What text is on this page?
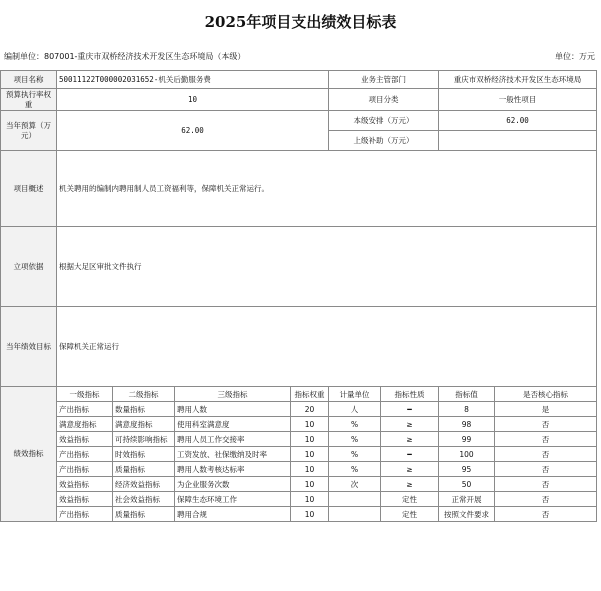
2025年项目支出绩效目标表
编制单位：807001-重庆市双桥经济技术开发区生态环境局（本级）	单位：万元
项目名称	50011122T000002031652-机关后勤服务费				业务主管部门		重庆市双桥经济技术开发区生态环境局	
预算执行率权重	10				项目分类		一般性项目	
当年预算（万元）	62.00				本级安排（万元）		62.00	
					上级补助（万元）			
项目概述	机关聘用的编制内聘用制人员工资福利等，保障机关正常运行。							
立项依据	根据大足区审批文件执行							
当年绩效目标	保障机关正常运行							
绩效指标	一级指标	二级指标	三级指标	指标权重	计量单位	指标性质	指标值	是否核心指标
	产出指标	数量指标	聘用人数	20	人	━	8	是
	满意度指标	满意度指标	使用科室满意度	10	%	≥	98	否
	效益指标	可持续影响指标	聘用人员工作交接率	10	%	≥	99	否
	产出指标	时效指标	工资发放、社保缴纳及时率	10	%	━	100	否
	产出指标	质量指标	聘用人数考核达标率	10	%	≥	95	否
	效益指标	经济效益指标	为企业服务次数	10	次	≥	50	否
	效益指标	社会效益指标	保障生态环境工作	10		定性	正常开展	否
	产出指标	质量指标	聘用合规	10		定性	按照文件要求	否
